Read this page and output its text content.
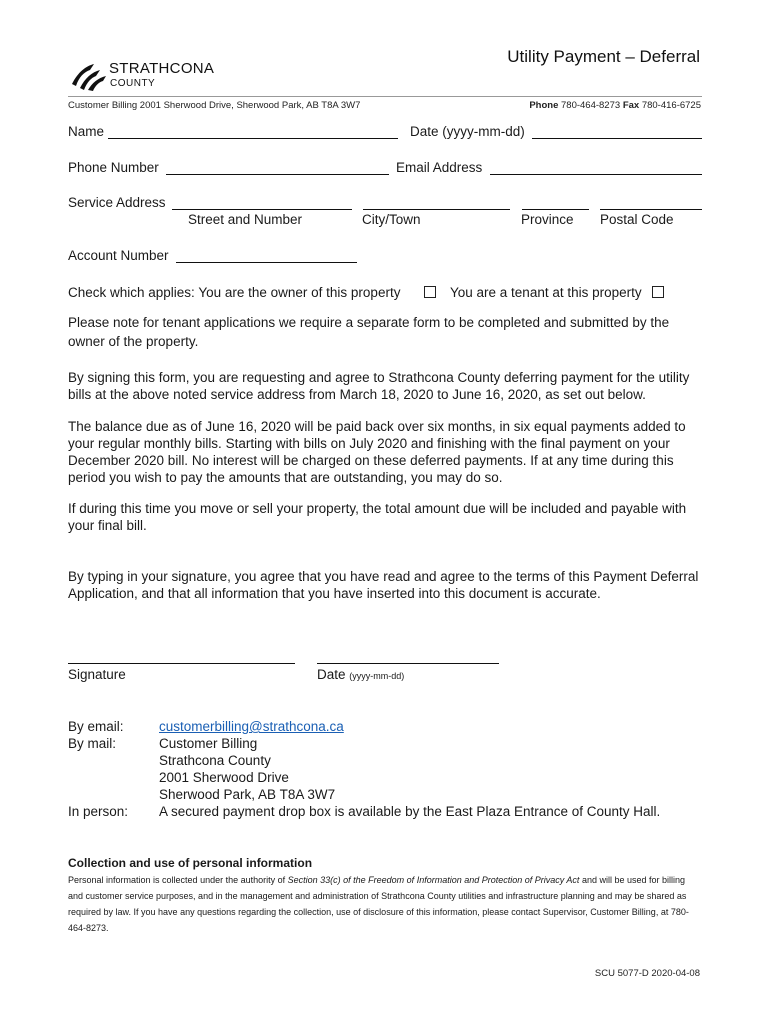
STRATHCONA
COUNTY
Utility Payment – Deferral
Customer Billing 2001 Sherwood Drive, Sherwood Park, AB T8A 3W7	Phone 780-464-8273 Fax 780-416-6725
Name	Date (yyyy-mm-dd)
Phone Number	Email Address
Service Address
Street and Number	City/Town	Province Postal Code
Account Number
Check which applies: You are the owner of this property	You are a tenant at this property
Please note for tenant applications we require a separate form to be completed and submitted by the owner of the property.
By signing this form, you are requesting and agree to Strathcona County deferring payment for the utility bills at the above noted service address from March 18, 2020 to June 16, 2020, as set out below.
The balance due as of June 16, 2020 will be paid back over six months, in six equal payments added to your regular monthly bills. Starting with bills on July 2020 and finishing with the final payment on your December 2020 bill. No interest will be charged on these deferred payments. If at any time during this period you wish to pay the amounts that are outstanding, you may do so.
If during this time you move or sell your property, the total amount due will be included and payable with your final bill.
By typing in your signature, you agree that you have read and agree to the terms of this Payment Deferral Application, and that all information that you have inserted into this document is accurate.
Signature	Date (yyyy-mm-dd)
By email:	customerbilling@strathcona.ca
By mail:	Customer Billing
Strathcona County
2001 Sherwood Drive
Sherwood Park, AB T8A 3W7
In person: A secured payment drop box is available by the East Plaza Entrance of County Hall.
Collection and use of personal information
Personal information is collected under the authority of Section 33(c) of the Freedom of Information and Protection of Privacy Act and will be used for billing and customer service purposes, and in the management and administration of Strathcona County utilities and infrastructure planning and may be shared as required by law. If you have any questions regarding the collection, use of disclosure of this information, please contact Supervisor, Customer Billing, at 780-464-8273.
SCU 5077-D 2020-04-08
